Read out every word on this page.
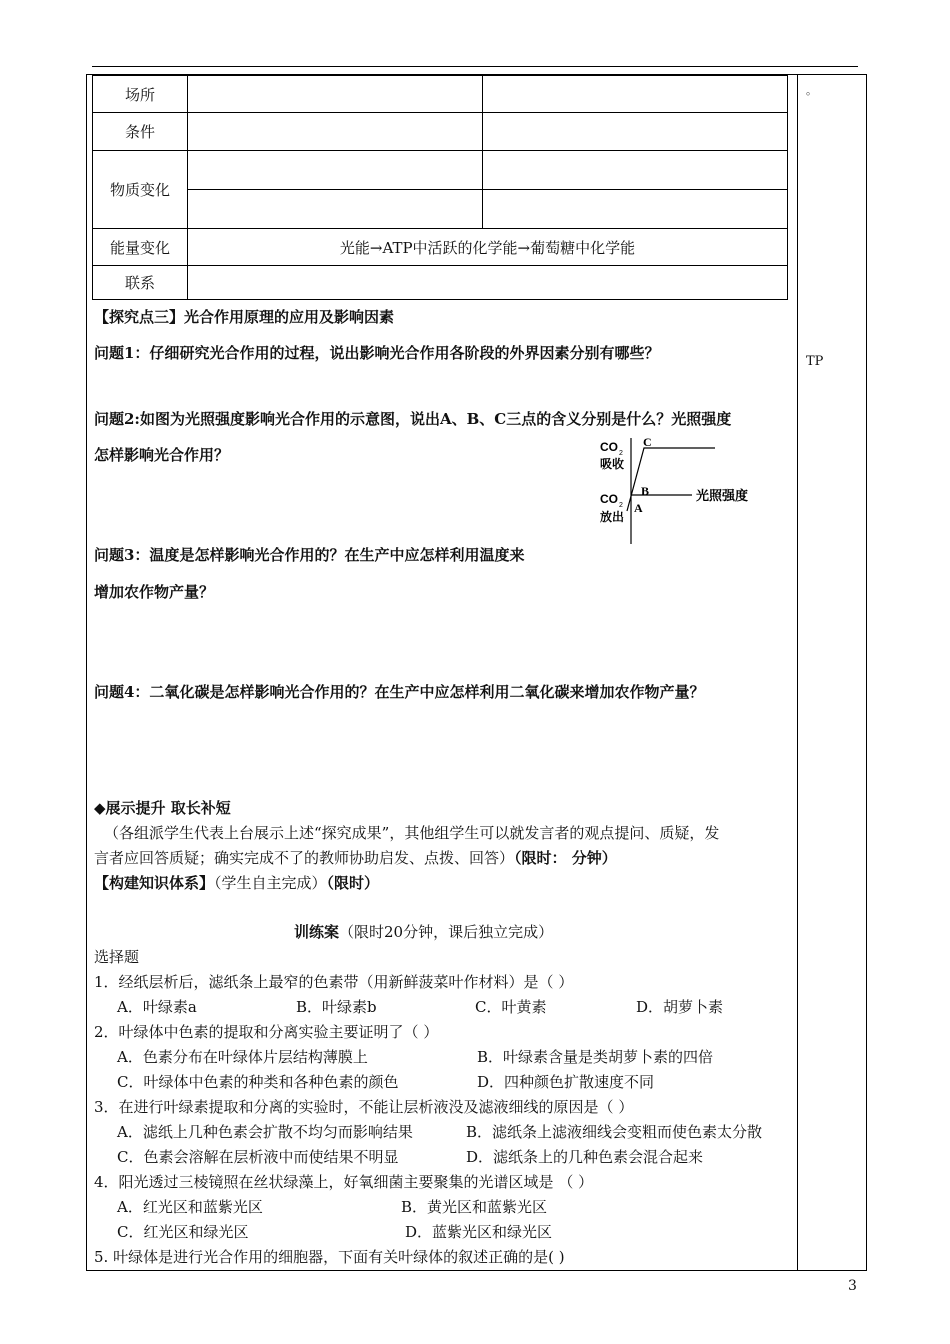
。
TP
场所		
条件		
物质变化		

能量变化	光能→ATP中活跃的化学能→葡萄糖中化学能	
联系		
【探究点三】光合作用原理的应用及影响因素
问题1：仔细研究光合作用的过程，说出影响光合作用各阶段的外界因素分别有哪些？
问题2:如图为光照强度影响光合作用的示意图，说出A、B、C三点的含义分别是什么？光照强度
怎样影响光合作用？	CO 2
吸收
CO 2
放出
A
B
C
光照强度
问题3：温度是怎样影响光合作用的？在生产中应怎样利用温度来
增加农作物产量？
问题4：二氧化碳是怎样影响光合作用的？在生产中应怎样利用二氧化碳来增加农作物产量？
◆展示提升 取长补短
（各组派学生代表上台展示上述“探究成果”，其他组学生可以就发言者的观点提问、质疑，发
言者应回答质疑；确实完成不了的教师协助启发、点拨、回答）（限时： 分钟）
【构建知识体系】（学生自主完成）（限时）
训练案（限时20分钟，课后独立完成）
选择题
1．经纸层析后，滤纸条上最窄的色素带（用新鲜菠菜叶作材料）是（ ）
A．叶绿素a	B．叶绿素b	C．叶黄素	D．胡萝卜素
2．叶绿体中色素的提取和分离实验主要证明了（ ）
A．色素分布在叶绿体片层结构薄膜上	B．叶绿素含量是类胡萝卜素的四倍
C．叶绿体中色素的种类和各种色素的颜色	D．四种颜色扩散速度不同
3．在进行叶绿素提取和分离的实验时，不能让层析液没及滤液细线的原因是（ ）
A．滤纸上几种色素会扩散不均匀而影响结果	B．滤纸条上滤液细线会变粗而使色素太分散
C．色素会溶解在层析液中而使结果不明显	D．滤纸条上的几种色素会混合起来
4．阳光透过三棱镜照在丝状绿藻上，好氧细菌主要聚集的光谱区域是 （ ）
A．红光区和蓝紫光区	B．黄光区和蓝紫光区
C．红光区和绿光区	D．蓝紫光区和绿光区
5. 叶绿体是进行光合作用的细胞器，下面有关叶绿体的叙述正确的是( )
3
